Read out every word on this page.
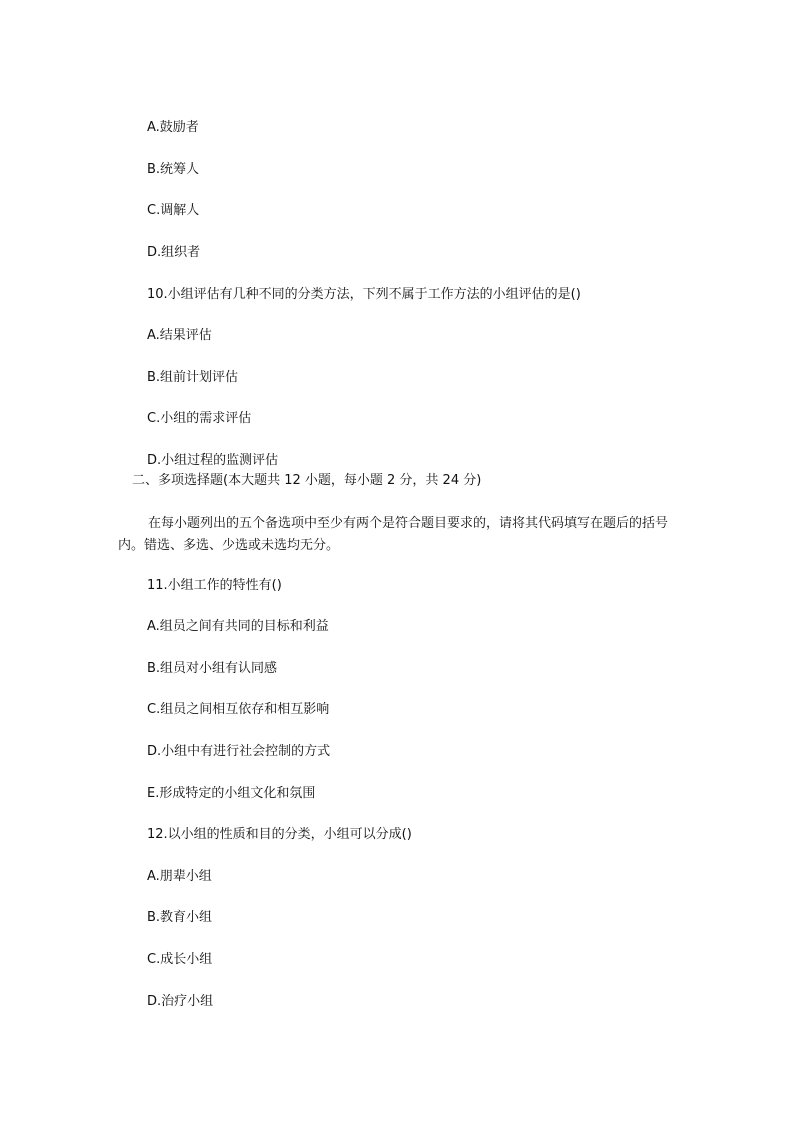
A.鼓励者
B.统筹人
C.调解人
D.组织者
10.小组评估有几种不同的分类方法，下列不属于工作方法的小组评估的是()
A.结果评估
B.组前计划评估
C.小组的需求评估
D.小组过程的监测评估
二、多项选择题(本大题共 12 小题，每小题 2 分，共 24 分)
在每小题列出的五个备选项中至少有两个是符合题目要求的，请将其代码填写在题后的括号内。错选、多选、少选或未选均无分。
11.小组工作的特性有()
A.组员之间有共同的目标和利益
B.组员对小组有认同感
C.组员之间相互依存和相互影响
D.小组中有进行社会控制的方式
E.形成特定的小组文化和氛围
12.以小组的性质和目的分类，小组可以分成()
A.朋辈小组
B.教育小组
C.成长小组
D.治疗小组
